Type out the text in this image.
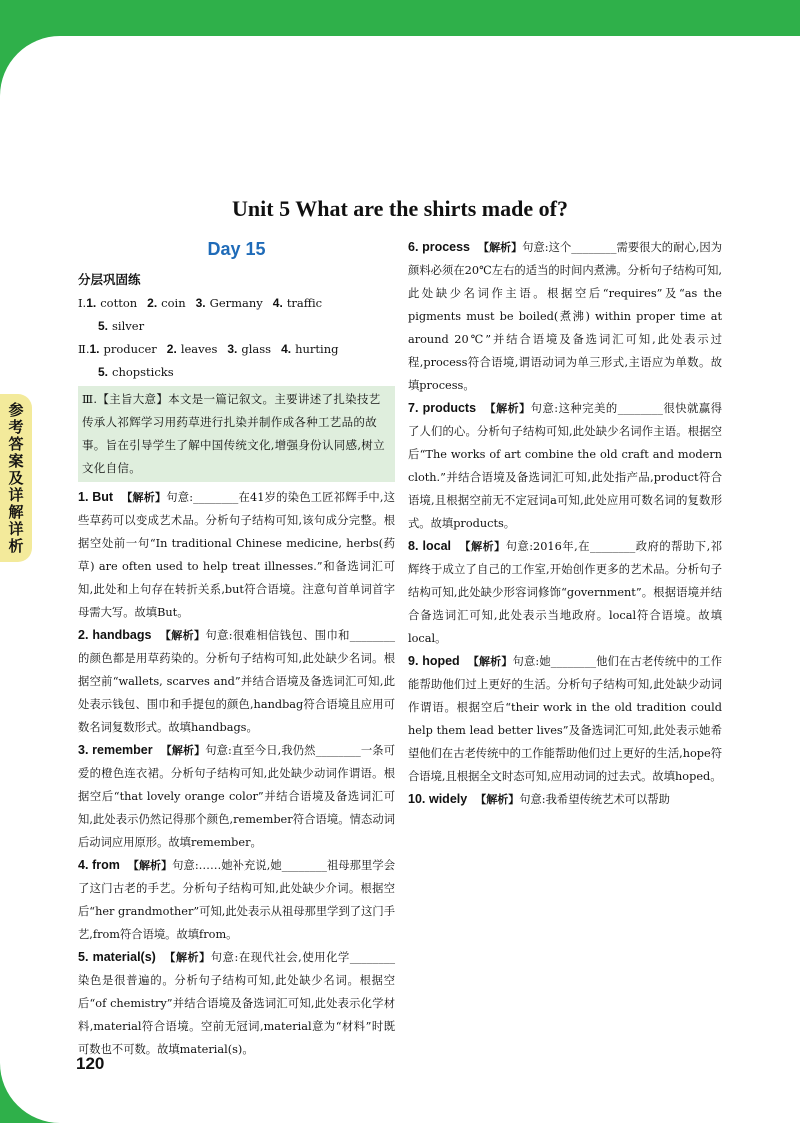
参考答案及详解详析
Unit 5 What are the shirts made of?
Day 15
分层巩固练
Ⅰ.1. cotton 2. coin 3. Germany 4. traffic
5. silver
Ⅱ.1. producer 2. leaves 3. glass 4. hurting
5. chopsticks
Ⅲ.【主旨大意】本文是一篇记叙文。主要讲述了扎染技艺传承人祁辉学习用药草进行扎染并制作成各种工艺品的故事。旨在引导学生了解中国传统文化,增强身份认同感,树立文化自信。

1. But 【解析】句意:________在41岁的染色工匠祁辉手中,这些草药可以变成艺术品。分析句子结构可知,该句成分完整。根据空处前一句“In traditional Chinese medicine, herbs(药草) are often used to help treat illnesses.”和备选词汇可知,此处和上句存在转折关系,but符合语境。注意句首单词首字母需大写。故填But。

2. handbags 【解析】句意:很难相信钱包、围巾和________的颜色都是用草药染的。分析句子结构可知,此处缺少名词。根据空前“wallets, scarves and”并结合语境及备选词汇可知,此处表示钱包、围巾和手提包的颜色,handbag符合语境且应用可数名词复数形式。故填handbags。

3. remember 【解析】句意:直至今日,我仍然________一条可爱的橙色连衣裙。分析句子结构可知,此处缺少动词作谓语。根据空后“that lovely orange color”并结合语境及备选词汇可知,此处表示仍然记得那个颜色,remember符合语境。情态动词后动词应用原形。故填remember。

4. from 【解析】句意:……她补充说,她________祖母那里学会了这门古老的手艺。分析句子结构可知,此处缺少介词。根据空后“her grandmother”可知,此处表示从祖母那里学到了这门手艺,from符合语境。故填from。

5. material(s) 【解析】句意:在现代社会,使用化学________染色是很普遍的。分析句子结构可知,此处缺少名词。根据空后“of chemistry”并结合语境及备选词汇可知,此处表示化学材料,material符合语境。空前无冠词,material意为“材料”时既可数也不可数。故填material(s)。

6. process 【解析】句意:这个________需要很大的耐心,因为颜料必须在20℃左右的适当的时间内煮沸。分析句子结构可知,此处缺少名词作主语。根据空后“requires”及“as the pigments must be boiled(煮沸) within proper time at around 20℃”并结合语境及备选词汇可知,此处表示过程,process符合语境,谓语动词为单三形式,主语应为单数。故填process。

7. products 【解析】句意:这种完美的________很快就赢得了人们的心。分析句子结构可知,此处缺少名词作主语。根据空后“The works of art combine the old craft and modern cloth.”并结合语境及备选词汇可知,此处指产品,product符合语境,且根据空前无不定冠词a可知,此处应用可数名词的复数形式。故填products。

8. local 【解析】句意:2016年,在________政府的帮助下,祁辉终于成立了自己的工作室,开始创作更多的艺术品。分析句子结构可知,此处缺少形容词修饰“government”。根据语境并结合备选词汇可知,此处表示当地政府。local符合语境。故填local。

9. hoped 【解析】句意:她________他们在古老传统中的工作能帮助他们过上更好的生活。分析句子结构可知,此处缺少动词作谓语。根据空后“their work in the old tradition could help them lead better lives”及备选词汇可知,此处表示她希望他们在古老传统中的工作能帮助他们过上更好的生活,hope符合语境,且根据全文时态可知,应用动词的过去式。故填hoped。

10. widely 【解析】句意:我希望传统艺术可以帮助

120
